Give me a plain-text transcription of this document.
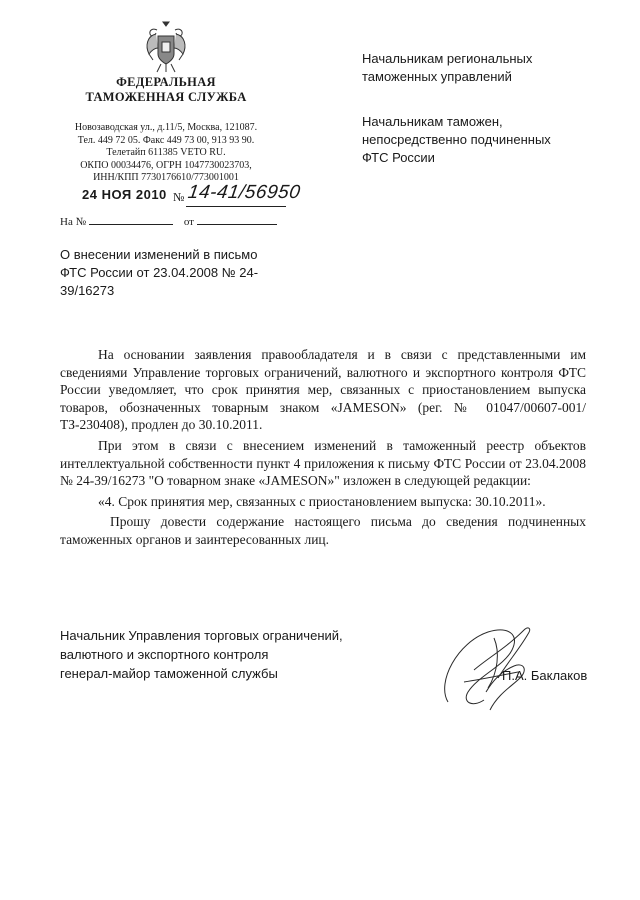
ФЕДЕРАЛЬНАЯ
ТАМОЖЕННАЯ СЛУЖБА
Новозаводская ул., д.11/5, Москва, 121087.
Тел. 449 72 05. Факс 449 73 00, 913 93 90.
Телетайп 611385 VETO RU.
ОКПО 00034476, ОГРН 1047730023703,
ИНН/КПП 7730176610/773001001
24 НОЯ 2010 № 14-41/56950
На №	от
Начальникам региональных
таможенных управлений
Начальникам таможен,
непосредственно подчиненных
ФТС России
О внесении изменений в письмо
ФТС России от 23.04.2008 № 24-
39/16273

На основании заявления правообладателя и в связи с представленными им сведениями Управление торговых ограничений, валютного и экспортного контроля ФТС России уведомляет, что срок принятия мер, связанных с приостановлением выпуска товаров, обозначенных товарным знаком «JAMESON» (рег. № 01047/00607-001/ТЗ-230408), продлен до 30.10.2011.

При этом в связи с внесением изменений в таможенный реестр объектов интеллектуальной собственности пункт 4 приложения к письму ФТС России от 23.04.2008 № 24-39/16273 "О товарном знаке «JAMESON»" изложен в следующей редакции:

«4. Срок принятия мер, связанных с приостановлением выпуска: 30.10.2011».

Прошу довести содержание настоящего письма до сведения подчиненных таможенных органов и заинтересованных лиц.

Начальник Управления торговых ограничений,
валютного и экспортного контроля
генерал-майор таможенной службы	П.А. Баклаков
